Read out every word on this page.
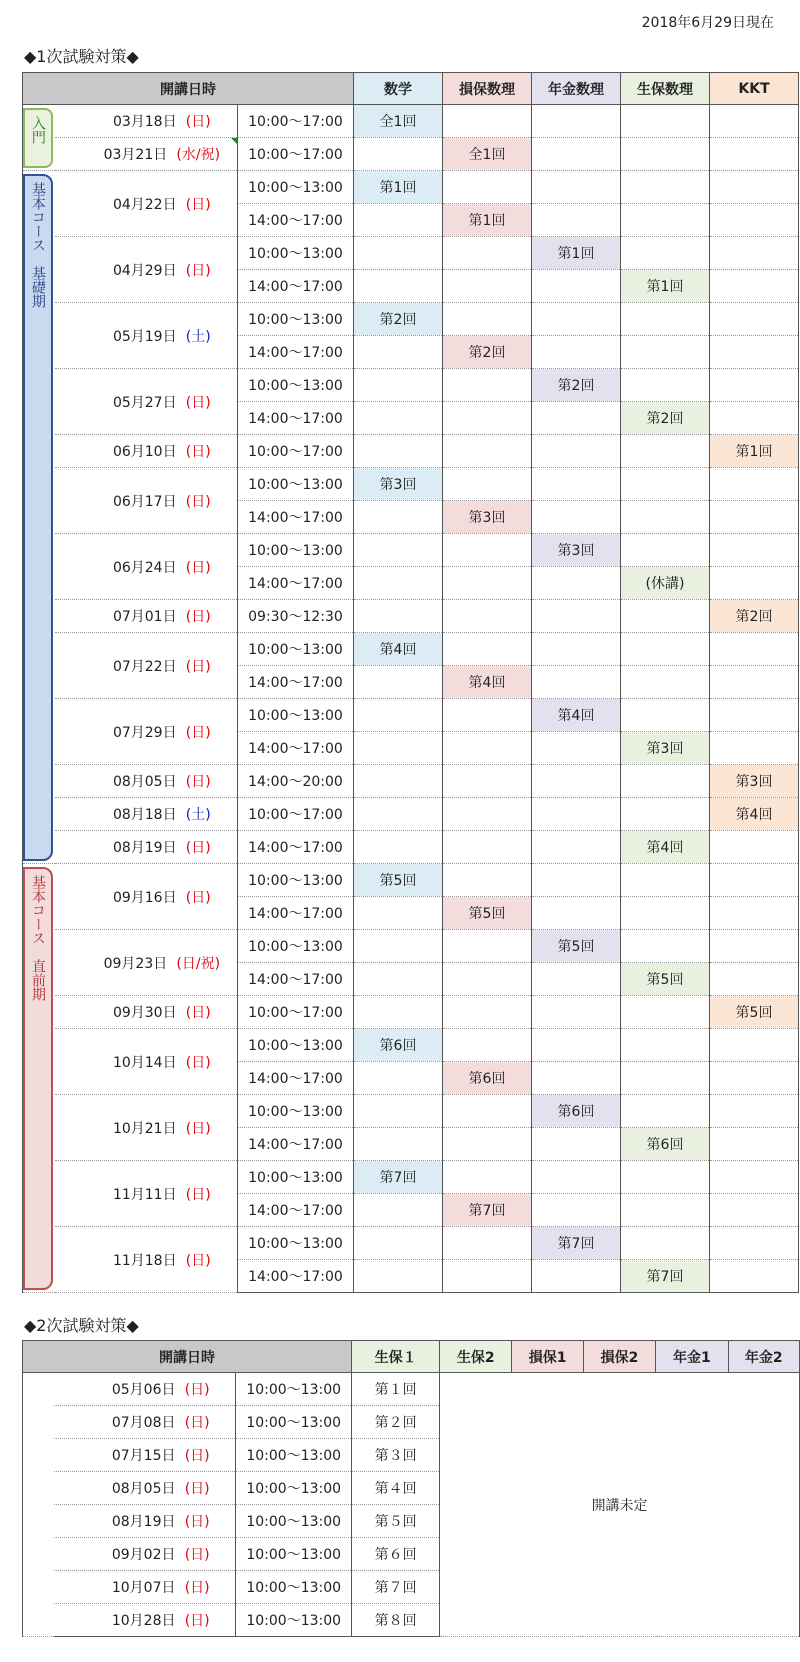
2018年6月29日現在
◆1次試験対策◆
開講日時			数学	損保数理	年金数理	生保数理	KKT
	03月18日 (日)	10:00～17:00	全1回				
	03月21日 (水/祝)	10:00～17:00		全1回			
	04月22日 (日)	10:00～13:00	第1回				
		14:00～17:00		第1回			
	04月29日 (日)	10:00～13:00			第1回		
		14:00～17:00				第1回	
	05月19日 (土)	10:00～13:00	第2回				
		14:00～17:00		第2回			
	05月27日 (日)	10:00～13:00			第2回		
		14:00～17:00				第2回	
	06月10日 (日)	10:00～17:00					第1回
	06月17日 (日)	10:00～13:00	第3回				
		14:00～17:00		第3回			
	06月24日 (日)	10:00～13:00			第3回		
		14:00～17:00				(休講)	
	07月01日 (日)	09:30～12:30					第2回
	07月22日 (日)	10:00～13:00	第4回				
		14:00～17:00		第4回			
	07月29日 (日)	10:00～13:00			第4回		
		14:00～17:00				第3回	
	08月05日 (日)	14:00～20:00					第3回
	08月18日 (土)	10:00～17:00					第4回
	08月19日 (日)	14:00～17:00				第4回	
	09月16日 (日)	10:00～13:00	第5回				
		14:00～17:00		第5回			
	09月23日 (日/祝)	10:00～13:00			第5回		
		14:00～17:00				第5回	
	09月30日 (日)	10:00～17:00					第5回
	10月14日 (日)	10:00～13:00	第6回				
		14:00～17:00		第6回			
	10月21日 (日)	10:00～13:00			第6回		
		14:00～17:00				第6回	
	11月11日 (日)	10:00～13:00	第7回				
		14:00～17:00		第7回			
	11月18日 (日)	10:00～13:00			第7回		
		14:00～17:00				第7回	
◆2次試験対策◆
開講日時			生保１	生保2	損保1	損保2	年金1	年金2
	05月06日 (日)	10:00～13:00	第１回	開講未定				
	07月08日 (日)	10:00～13:00	第２回					
	07月15日 (日)	10:00～13:00	第３回					
	08月05日 (日)	10:00～13:00	第４回					
	08月19日 (日)	10:00～13:00	第５回					
	09月02日 (日)	10:00～13:00	第６回					
	10月07日 (日)	10:00～13:00	第７回					
	10月28日 (日)	10:00～13:00	第８回					
入門
基本コース　基礎期
基本コース　直前期
